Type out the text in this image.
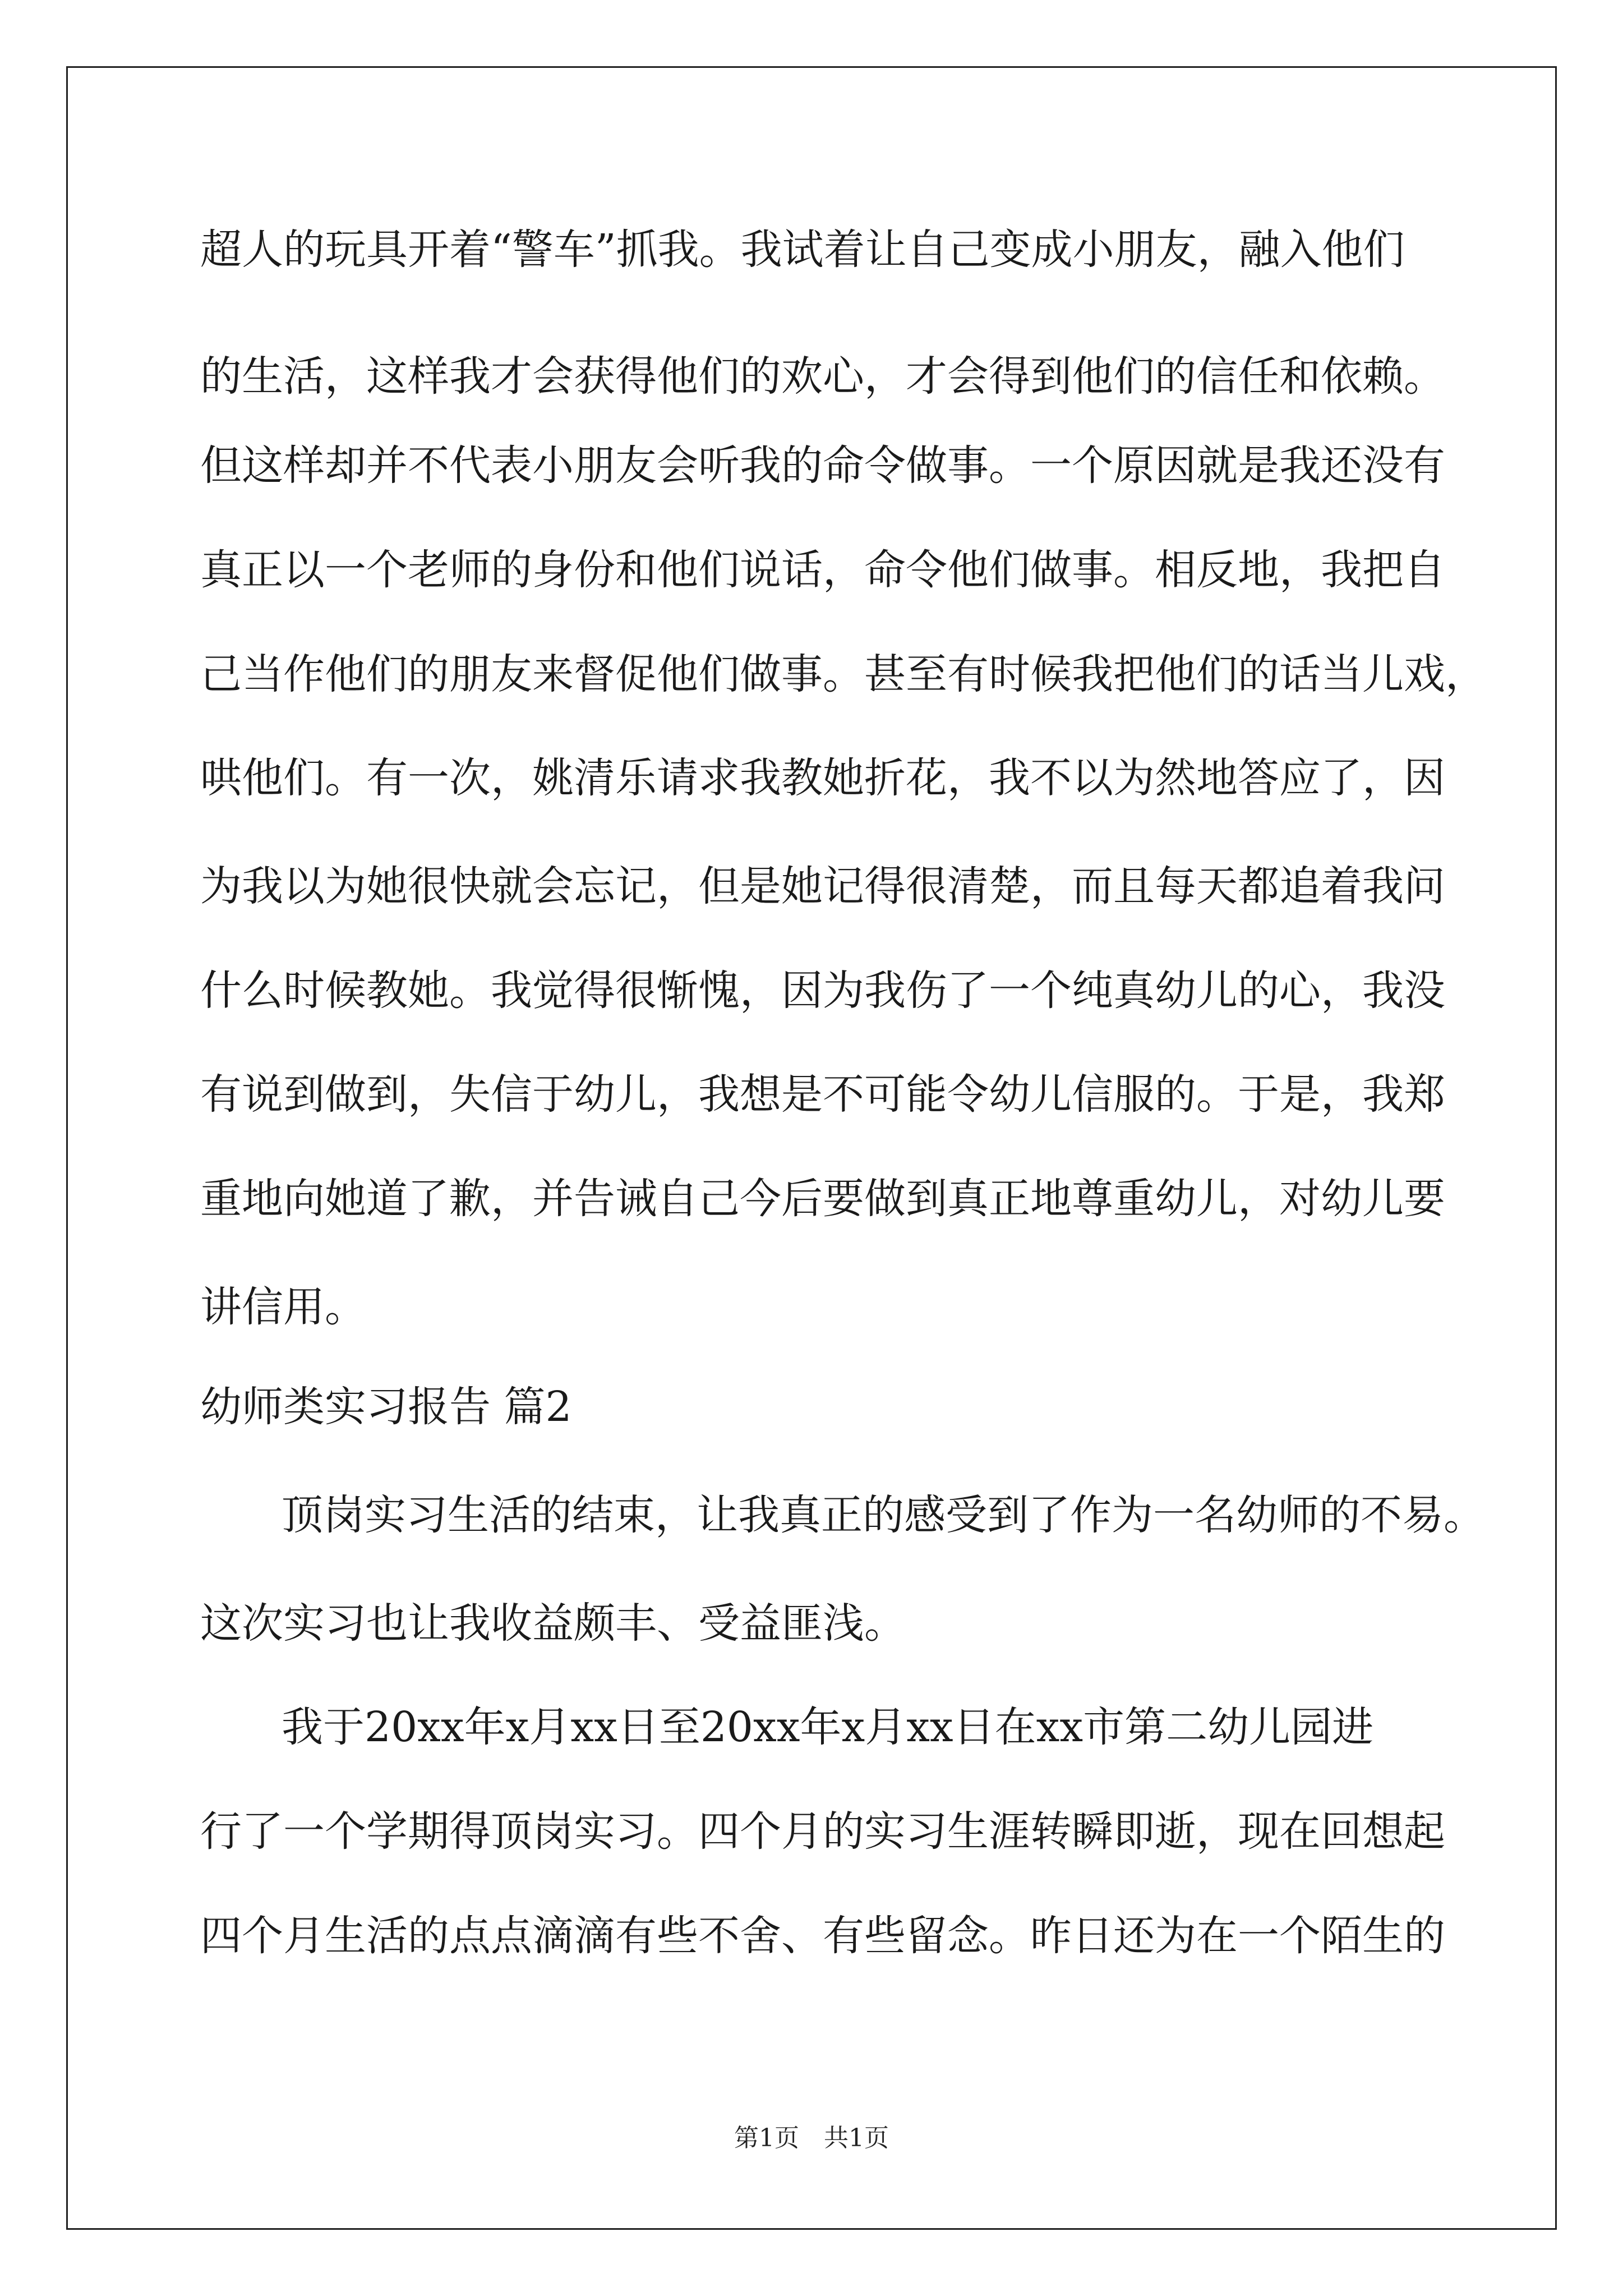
超人的玩具开着“警车”抓我。我试着让自己变成小朋友，融入他们
的生活，这样我才会获得他们的欢心，才会得到他们的信任和依赖。
但这样却并不代表小朋友会听我的命令做事。一个原因就是我还没有
真正以一个老师的身份和他们说话，命令他们做事。相反地，我把自
己当作他们的朋友来督促他们做事。甚至有时候我把他们的话当儿戏，
哄他们。有一次，姚清乐请求我教她折花，我不以为然地答应了，因
为我以为她很快就会忘记，但是她记得很清楚，而且每天都追着我问
什么时候教她。我觉得很惭愧，因为我伤了一个纯真幼儿的心，我没
有说到做到，失信于幼儿，我想是不可能令幼儿信服的。于是，我郑
重地向她道了歉，并告诫自己今后要做到真正地尊重幼儿，对幼儿要
讲信用。
幼师类实习报告 篇2
顶岗实习生活的结束，让我真正的感受到了作为一名幼师的不易。
这次实习也让我收益颇丰、受益匪浅。
我于20xx年x月xx日至20xx年x月xx日在xx市第二幼儿园进
行了一个学期得顶岗实习。四个月的实习生涯转瞬即逝，现在回想起
四个月生活的点点滴滴有些不舍、有些留念。昨日还为在一个陌生的
第1页　共1页
